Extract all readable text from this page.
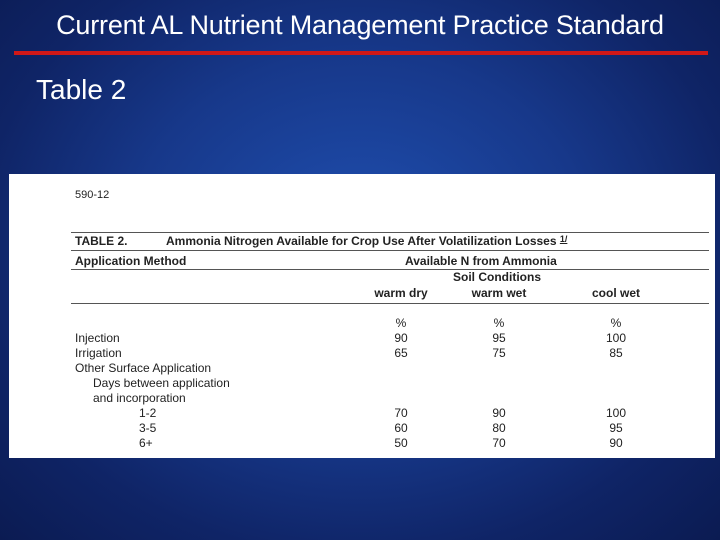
Current AL Nutrient Management Practice Standard
Table 2
590-12
TABLE 2.	Ammonia Nitrogen Available for Crop Use After Volatilization Losses $^{1/}$
Application Method	Available N from Ammonia
Soil Conditions
warm dry	warm wet	cool wet
%	%	%
Injection	90	95	100
Irrigation	65	75	85
Other Surface Application
Days between application
and incorporation
1-2	70	90	100
3-5	60	80	95
6+	50	70	90
